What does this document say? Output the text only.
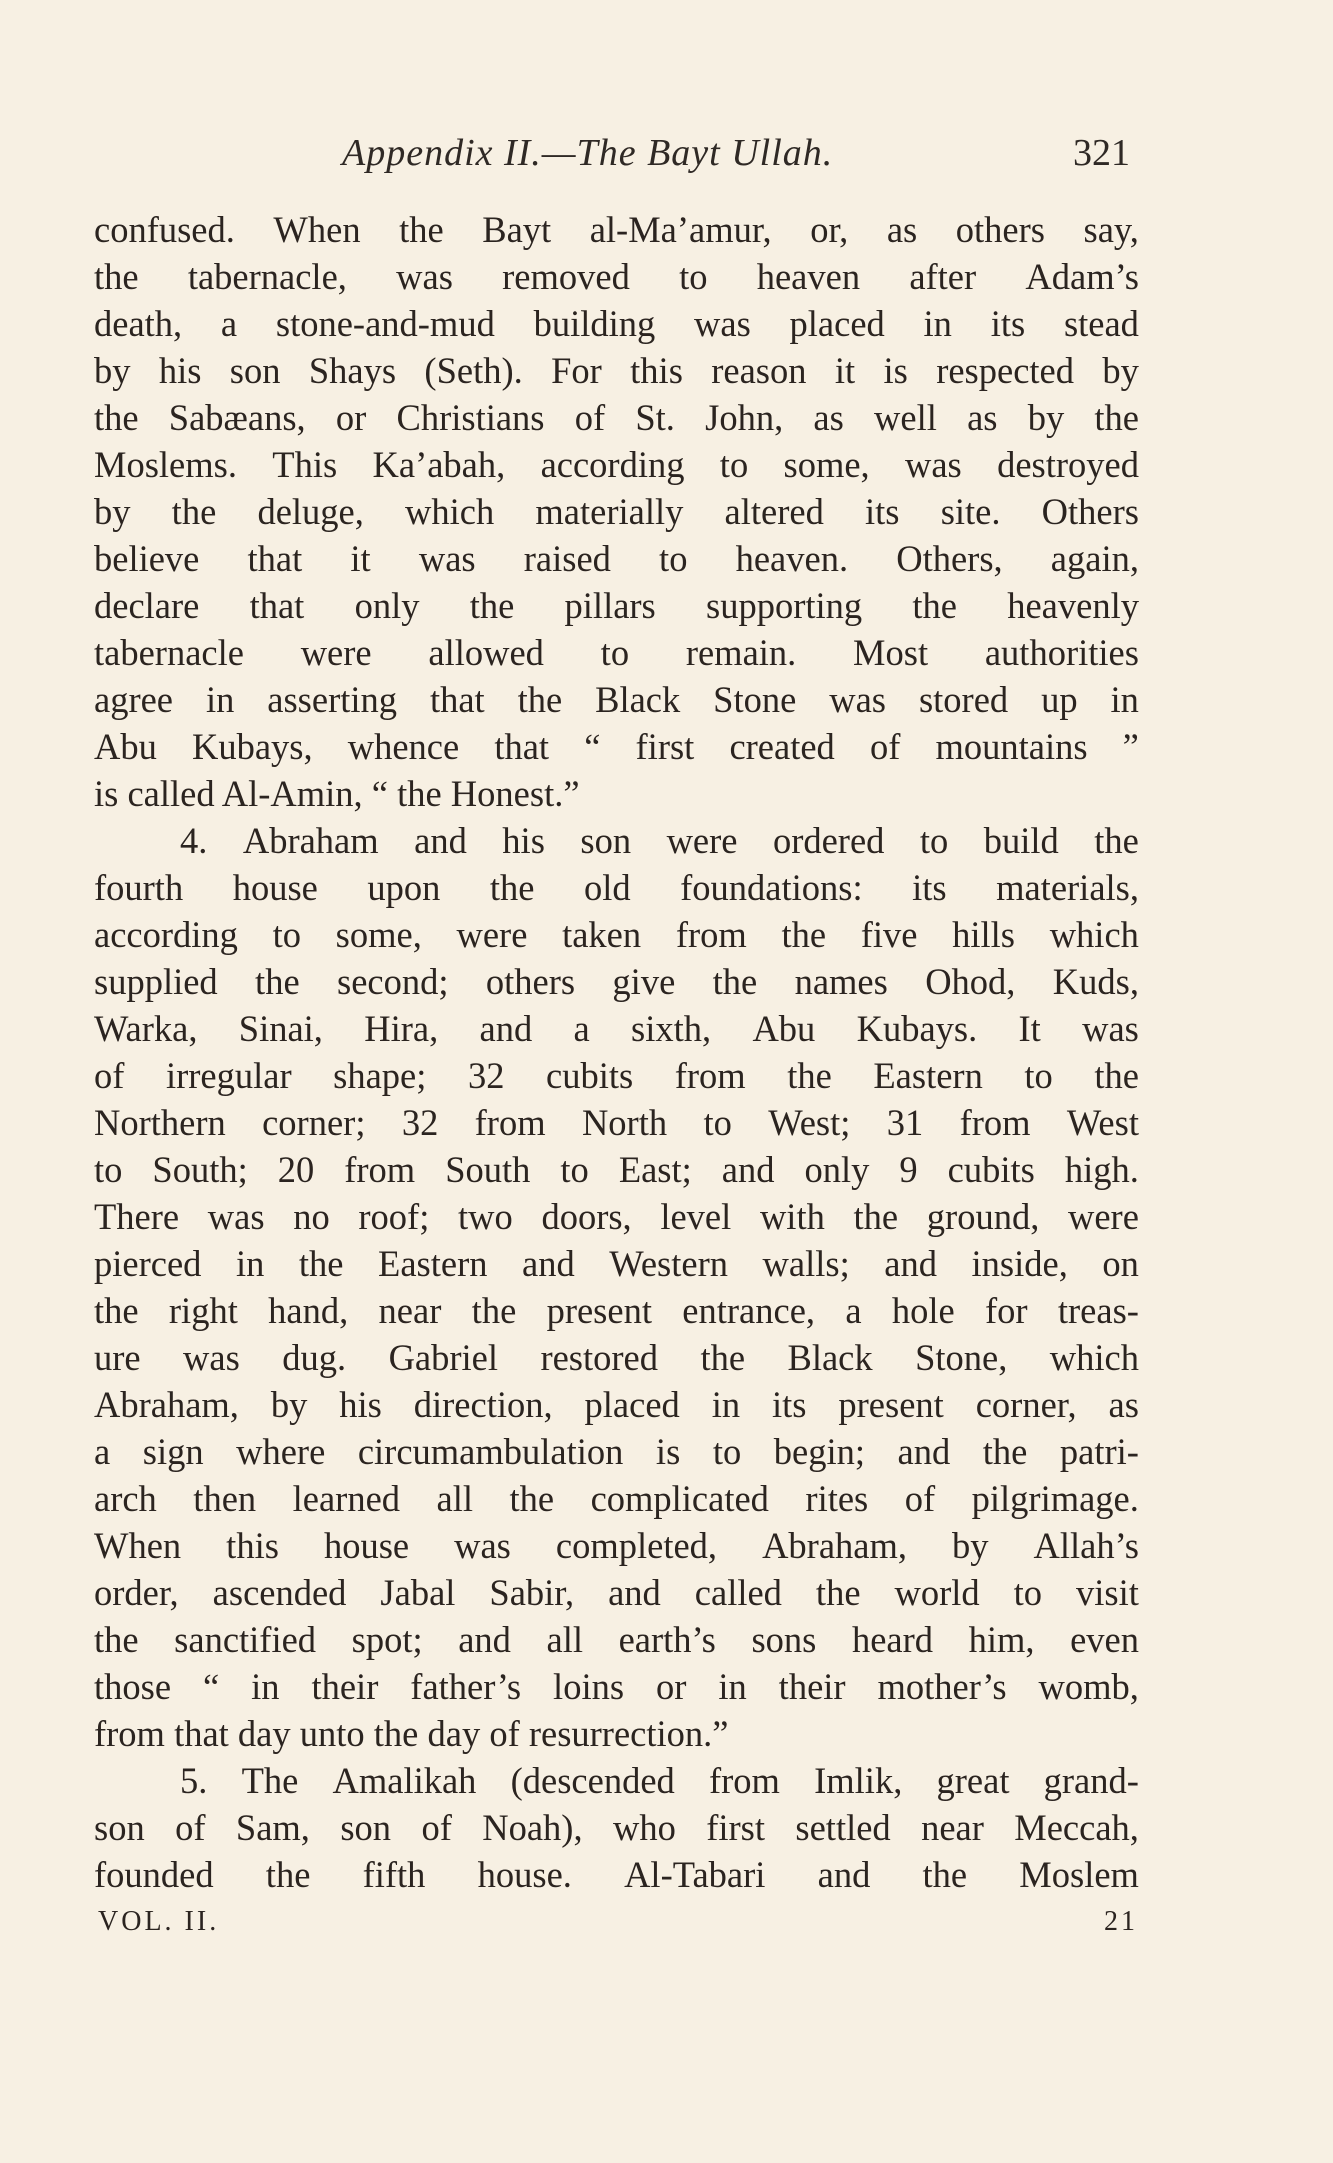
Appendix II.—The Bayt Ullah.	321
confused. When the Bayt al-Ma’amur, or, as others say,
the tabernacle, was removed to heaven after Adam’s
death, a stone-and-mud building was placed in its stead
by his son Shays (Seth). For this reason it is respected by
the Sabæans, or Christians of St. John, as well as by the
Moslems. This Ka’abah, according to some, was destroyed
by the deluge, which materially altered its site. Others
believe that it was raised to heaven. Others, again,
declare that only the pillars supporting the heavenly
tabernacle were allowed to remain. Most authorities
agree in asserting that the Black Stone was stored up in
Abu Kubays, whence that “ first created of mountains ”
is called Al-Amin, “ the Honest.”
4. Abraham and his son were ordered to build the
fourth house upon the old foundations: its materials,
according to some, were taken from the five hills which
supplied the second; others give the names Ohod, Kuds,
Warka, Sinai, Hira, and a sixth, Abu Kubays. It was
of irregular shape; 32 cubits from the Eastern to the
Northern corner; 32 from North to West; 31 from West
to South; 20 from South to East; and only 9 cubits high.
There was no roof; two doors, level with the ground, were
pierced in the Eastern and Western walls; and inside, on
the right hand, near the present entrance, a hole for treas-
ure was dug. Gabriel restored the Black Stone, which
Abraham, by his direction, placed in its present corner, as
a sign where circumambulation is to begin; and the patri-
arch then learned all the complicated rites of pilgrimage.
When this house was completed, Abraham, by Allah’s
order, ascended Jabal Sabir, and called the world to visit
the sanctified spot; and all earth’s sons heard him, even
those “ in their father’s loins or in their mother’s womb,
from that day unto the day of resurrection.”
5. The Amalikah (descended from Imlik, great grand-
son of Sam, son of Noah), who first settled near Meccah,
founded the fifth house. Al-Tabari and the Moslem
VOL. II.	21
